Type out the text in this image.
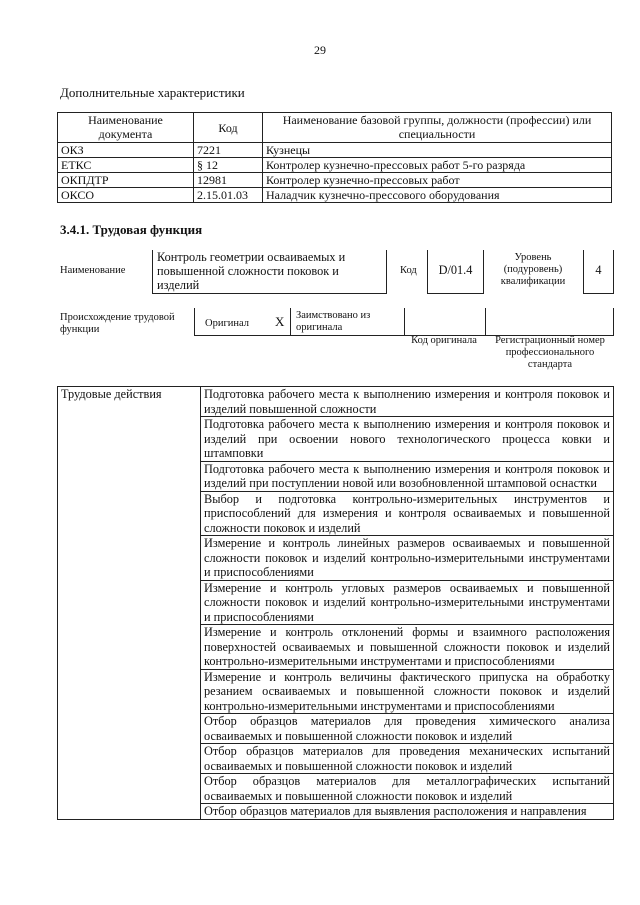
29
Дополнительные характеристики
Наименование документа	Код	Наименование базовой группы, должности (профессии) или специальности
ОКЗ	7221	Кузнецы
ЕТКС	§ 12	Контролер кузнечно-прессовых работ 5-го разряда
ОКПДТР	12981	Контролер кузнечно-прессовых работ
ОКСО	2.15.01.03	Наладчик кузнечно-прессового оборудования
3.4.1. Трудовая функция
Наименование
Контроль геометрии осваиваемых и повышенной сложности поковок и изделий
Код	D/01.4
Уровень (подуровень) квалификации
4
Происхождение трудовой функции
Оригинал X Заимствовано из оригинала
Код оригинала	Регистрационный номер профессионального стандарта
Трудовые действия	Подготовка рабочего места к выполнению измерения и контроля поковок и изделий повышенной сложности
Подготовка рабочего места к выполнению измерения и контроля поковок и изделий при освоении нового технологического процесса ковки и штамповки
Подготовка рабочего места к выполнению измерения и контроля поковок и изделий при поступлении новой или возобновленной штамповой оснастки
Выбор и подготовка контрольно-измерительных инструментов и приспособлений для измерения и контроля осваиваемых и повышенной сложности поковок и изделий
Измерение и контроль линейных размеров осваиваемых и повышенной сложности поковок и изделий контрольно-измерительными инструментами и приспособлениями
Измерение и контроль угловых размеров осваиваемых и повышенной сложности поковок и изделий контрольно-измерительными инструментами и приспособлениями
Измерение и контроль отклонений формы и взаимного расположения поверхностей осваиваемых и повышенной сложности поковок и изделий контрольно-измерительными инструментами и приспособлениями
Измерение и контроль величины фактического припуска на обработку резанием осваиваемых и повышенной сложности поковок и изделий контрольно-измерительными инструментами и приспособлениями
Отбор образцов материалов для проведения химического анализа осваиваемых и повышенной сложности поковок и изделий
Отбор образцов материалов для проведения механических испытаний осваиваемых и повышенной сложности поковок и изделий
Отбор образцов материалов для металлографических испытаний осваиваемых и повышенной сложности поковок и изделий
Отбор образцов материалов для выявления расположения и направления
